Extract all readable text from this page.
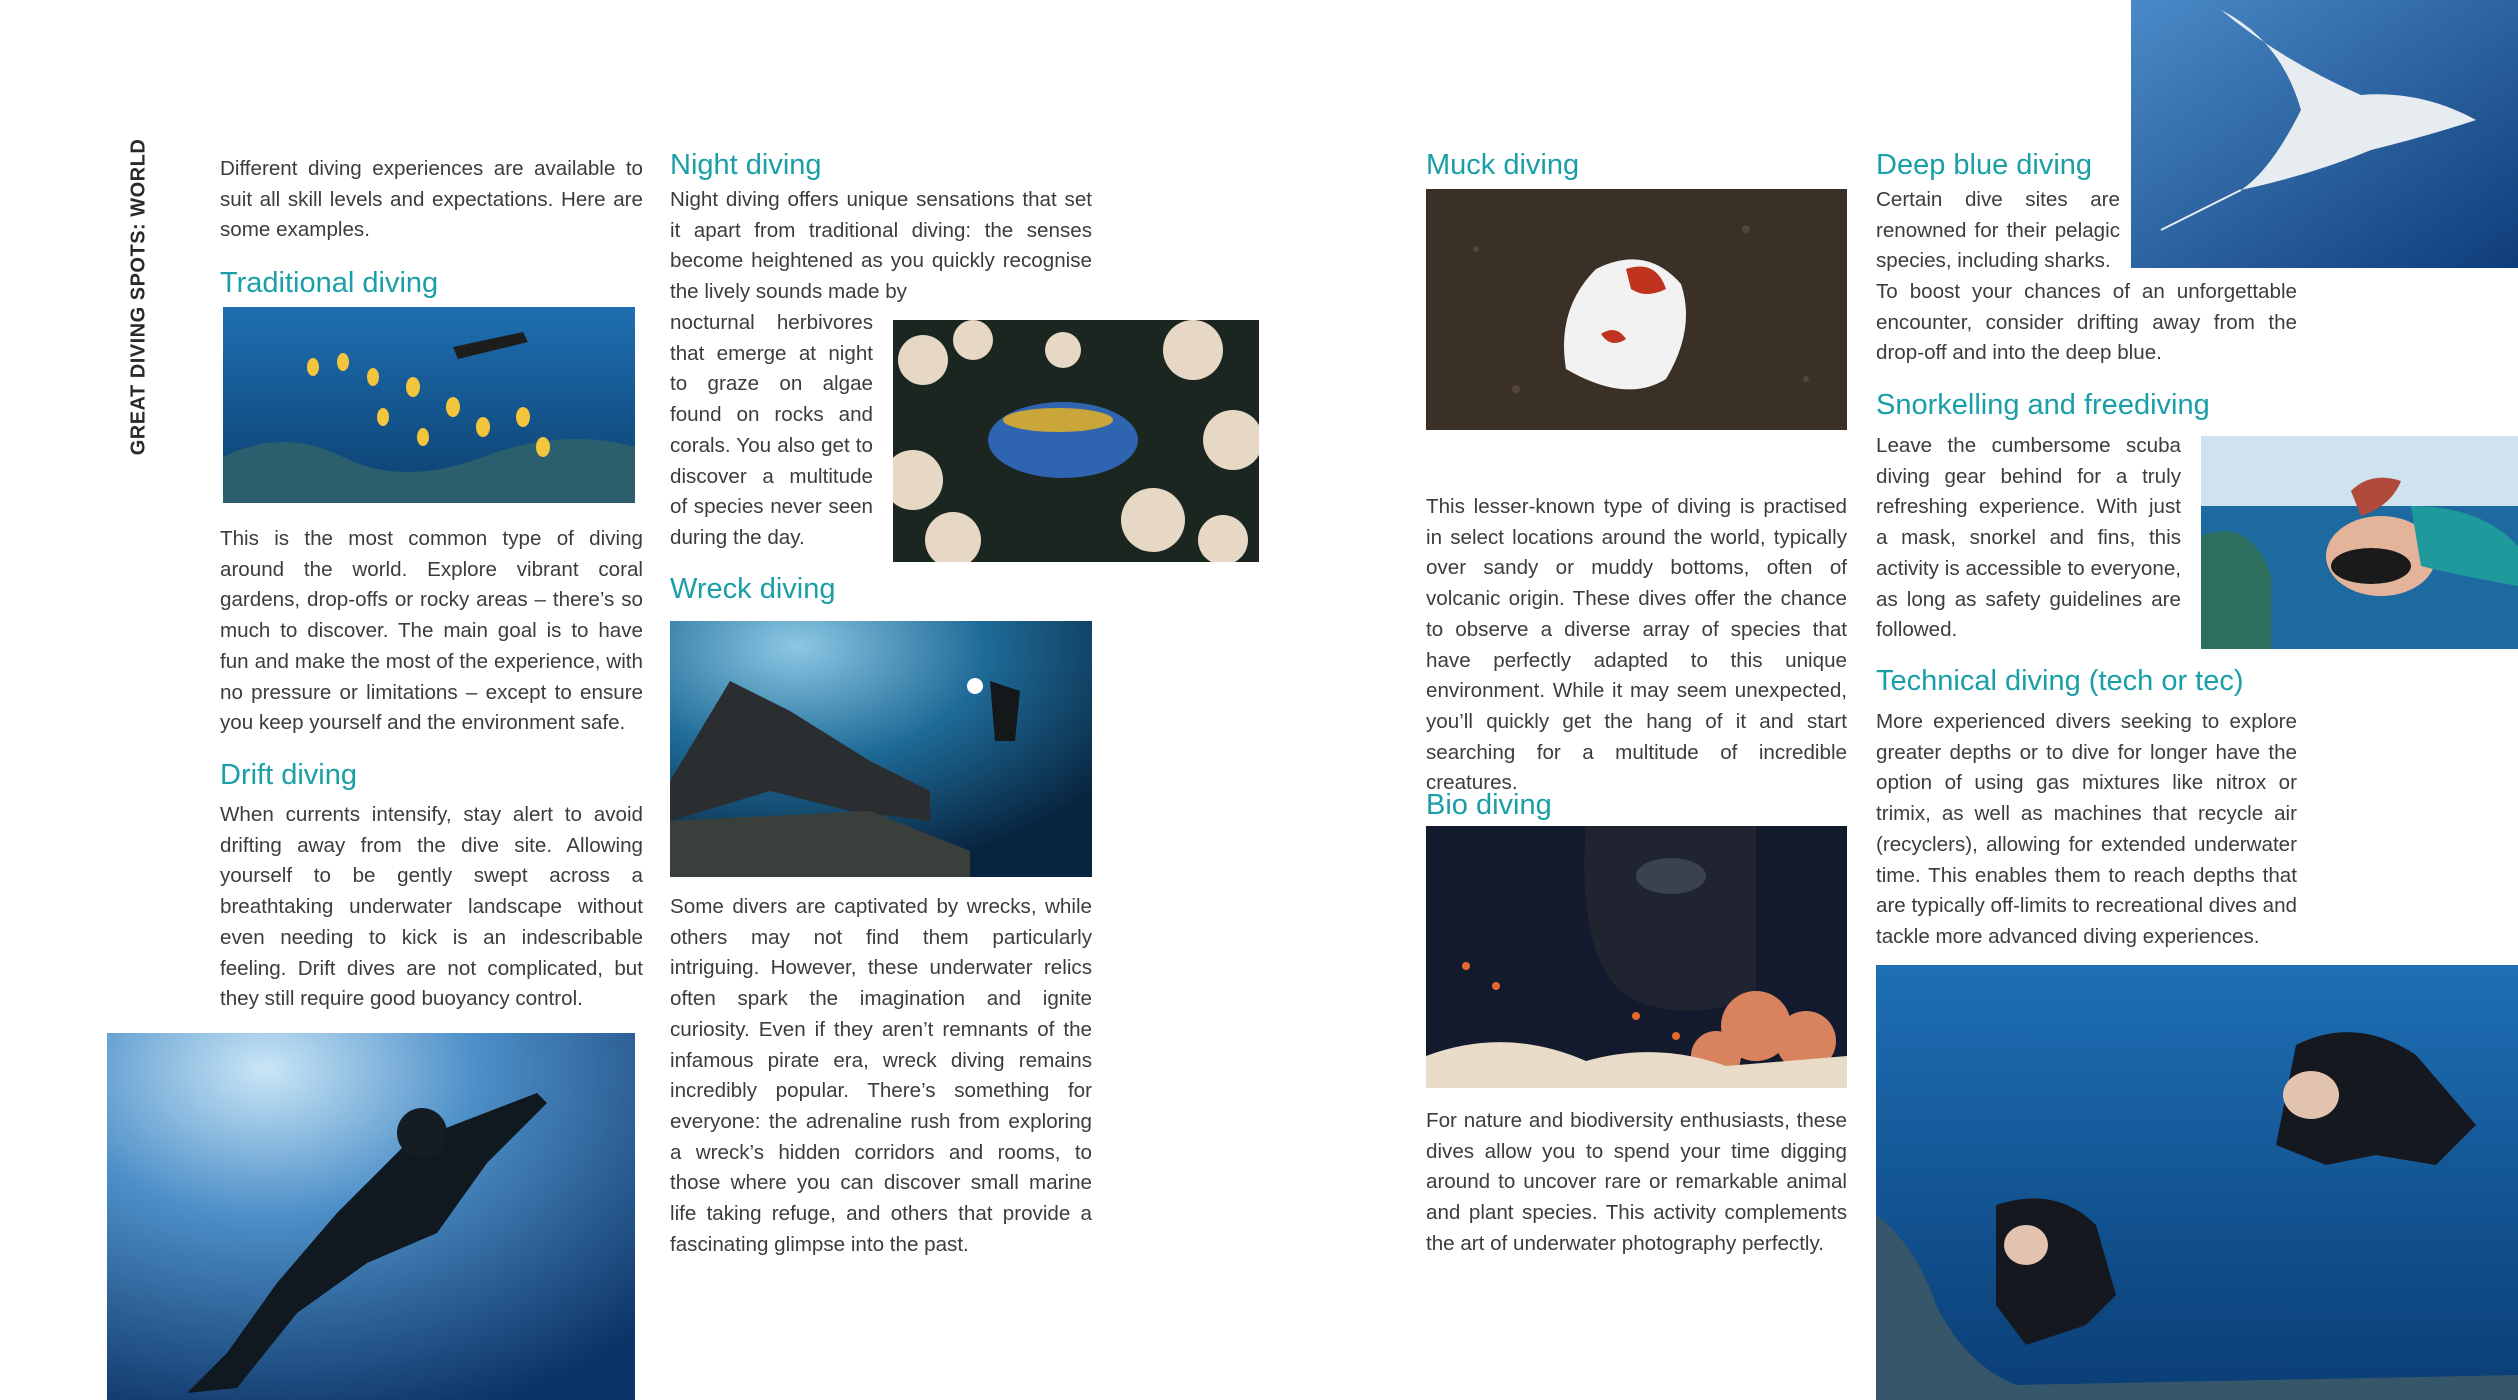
GREAT DIVING SPOTS: WORLD	Different diving experiences are available to suit all skill levels and expectations. Here are some examples.

Traditional diving

This is the most common type of diving around the world. Explore vibrant coral gardens, drop-offs or rocky areas – there’s so much to discover. The main goal is to have fun and make the most of the experience, with no pressure or limitations – except to ensure you keep yourself and the environment safe.

Drift diving

When currents intensify, stay alert to avoid drifting away from the dive site. Allowing yourself to be gently swept across a breathtaking underwater landscape without even needing to kick is an indescribable feeling. Drift dives are not complicated, but they still require good buoyancy control.

Night diving

Night diving offers unique sensations that set it apart from traditional diving: the senses become heightened as you quickly recognise the lively sounds made by

nocturnal herbivores that emerge at night to graze on algae found on rocks and corals. You also get to discover a multitude of species never seen during the day.

Wreck diving

Some divers are captivated by wrecks, while others may not find them particularly intriguing. However, these underwater relics often spark the imagination and ignite curiosity. Even if they aren’t remnants of the infamous pirate era, wreck diving remains incredibly popular. There’s something for everyone: the adrenaline rush from exploring a wreck’s hidden corridors and rooms, to those where you can discover small marine life taking refuge, and others that provide a fascinating glimpse into the past.

Muck diving

This lesser-known type of diving is practised in select locations around the world, typically over sandy or muddy bottoms, often of volcanic origin. These dives offer the chance to observe a diverse array of species that have perfectly adapted to this unique environment. While it may seem unexpected, you’ll quickly get the hang of it and start searching for a multitude of incredible creatures.

Bio diving

For nature and biodiversity enthusiasts, these dives allow you to spend your time digging around to uncover rare or remarkable animal and plant species. This activity complements the art of underwater photography perfectly.

Deep blue diving

Certain dive sites are renowned for their pelagic species, including sharks.

To boost your chances of an unforgettable encounter, consider drifting away from the drop-off and into the deep blue.

Snorkelling and freediving

Leave the cumbersome scuba diving gear behind for a truly refreshing experience. With just a mask, snorkel and fins, this activity is accessible to everyone, as long as safety guidelines are followed.

Technical diving (tech or tec)

More experienced divers seeking to explore greater depths or to dive for longer have the option of using gas mixtures like nitrox or trimix, as well as machines that recycle air (recyclers), allowing for extended underwater time. This enables them to reach depths that are typically off-limits to recreational dives and tackle more advanced diving experiences.
